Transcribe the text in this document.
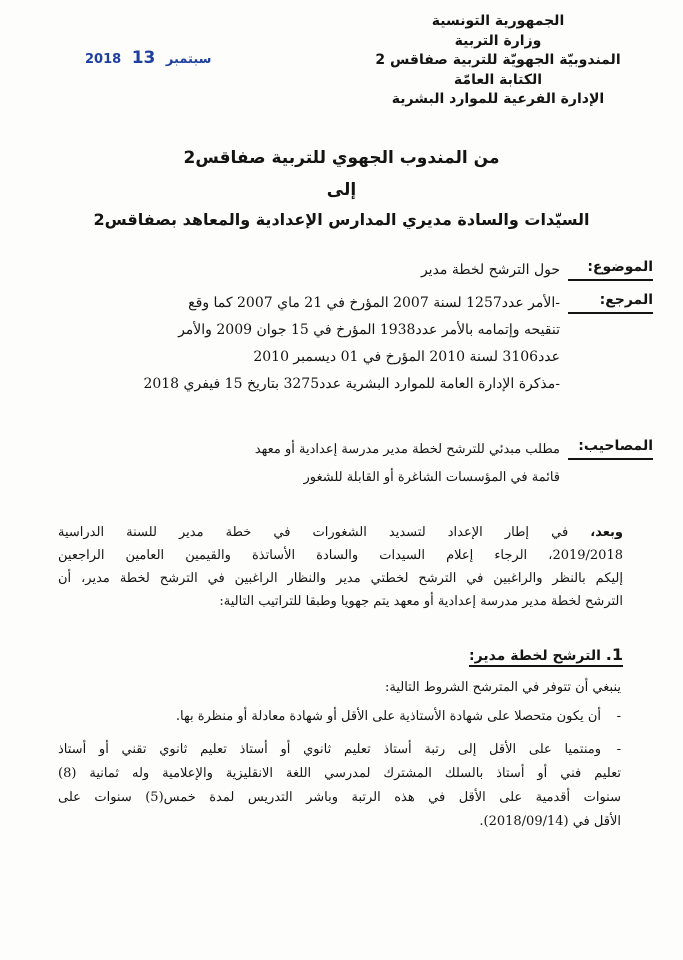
الجمهورية التونسية
وزارة التربية
المندوبيّة الجهويّة للتربية صفاقس 2
الكتابة العامّة
الإدارة الفرعية للموارد البشرية
2018	سبتمبر 13
من المندوب الجهوي للتربية صفاقس2
إلى
السيّدات والسادة مديري المدارس الإعدادية والمعاهد بصفاقس2
الموضوع:
حول الترشح لخطة مدير
المرجع:
-الأمر عدد1257 لسنة 2007 المؤرخ في 21 ماي 2007 كما وقع
تنقيحه وإتمامه بالأمر عدد1938 المؤرخ في 15 جوان 2009 والأمر
عدد3106 لسنة 2010 المؤرخ في 01 ديسمبر 2010
-مذكرة الإدارة العامة للموارد البشرية عدد3275 بتاريخ 15 فيفري 2018
المصاحيب:
مطلب مبدئي للترشح لخطة مدير مدرسة إعدادية أو معهد
قائمة في المؤسسات الشاغرة أو القابلة للشغور
وبعد، في إطار الإعداد لتسديد الشغورات في خطة مدير للسنة الدراسية
2019/2018، الرجاء إعلام السيدات والسادة الأساتذة والقيمين العامين الراجعين
إليكم بالنظر والراغبين في الترشح لخطتي مدير والنظار الراغبين في الترشح لخطة مدير، أن
الترشح لخطة مدير مدرسة إعدادية أو معهد يتم جهويا وطبقا للتراتيب التالية:
1. الترشح لخطة مدير:
ينبغي أن تتوفر في المترشح الشروط التالية:
-أن يكون متحصلا على شهادة الأستاذية على الأقل أو شهادة معادلة أو منظرة بها.
-ومنتميا على الأقل إلى رتبة أستاذ تعليم ثانوي أو أستاذ تعليم ثانوي تقني أو أستاذ
تعليم فني أو أستاذ بالسلك المشترك لمدرسي اللغة الانقليزية والإعلامية وله ثمانية (8)
سنوات أقدمية على الأقل في هذه الرتبة وباشر التدريس لمدة خمس(5) سنوات على
الأقل في (2018/09/14).
